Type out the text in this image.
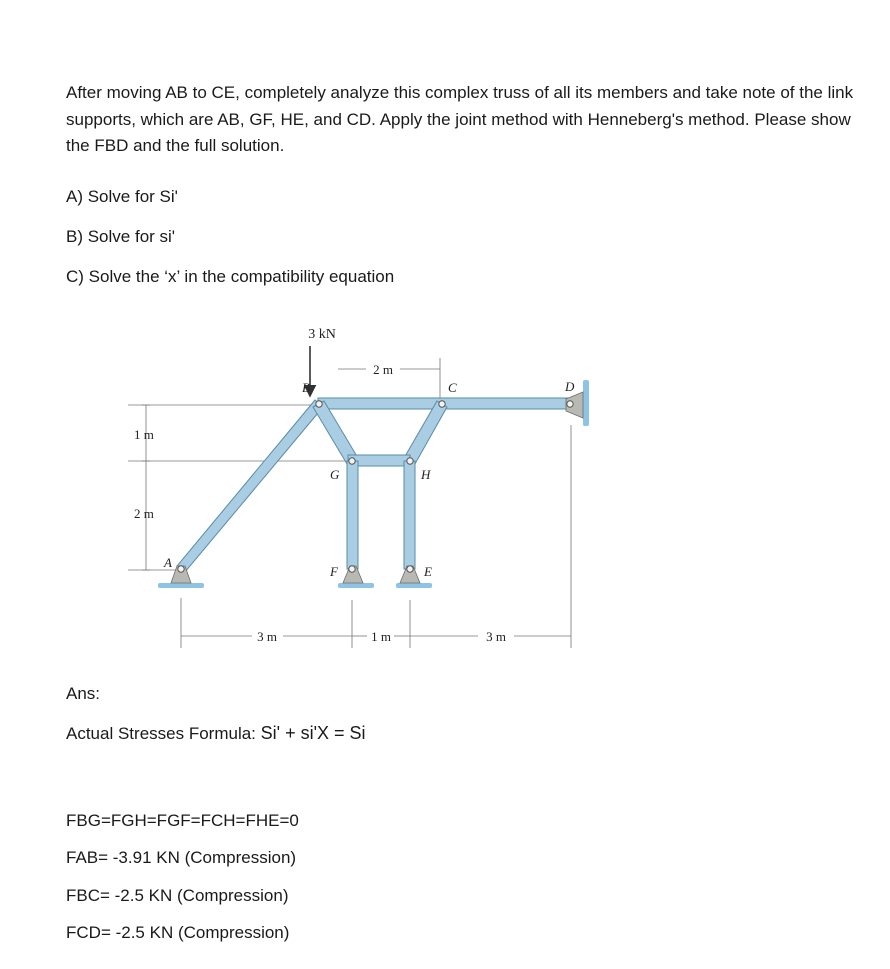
After moving AB to CE, completely analyze this complex truss of all its members and take note of the link supports, which are AB, GF, HE, and CD. Apply the joint method with Henneberg's method. Please show the FBD and the full solution.

A) Solve for Si'

B) Solve for si'

C) Solve the ‘x’ in the compatibility equation

3 kN
A
B	C	D
E
F
G	H
2 m
1 m
2 m
3 m	1 m	3 m

Ans:

Actual Stresses Formula: Si' + si'X = Si

FBG=FGH=FGF=FCH=FHE=0

FAB= -3.91 KN (Compression)

FBC= -2.5 KN (Compression)

FCD= -2.5 KN (Compression)
